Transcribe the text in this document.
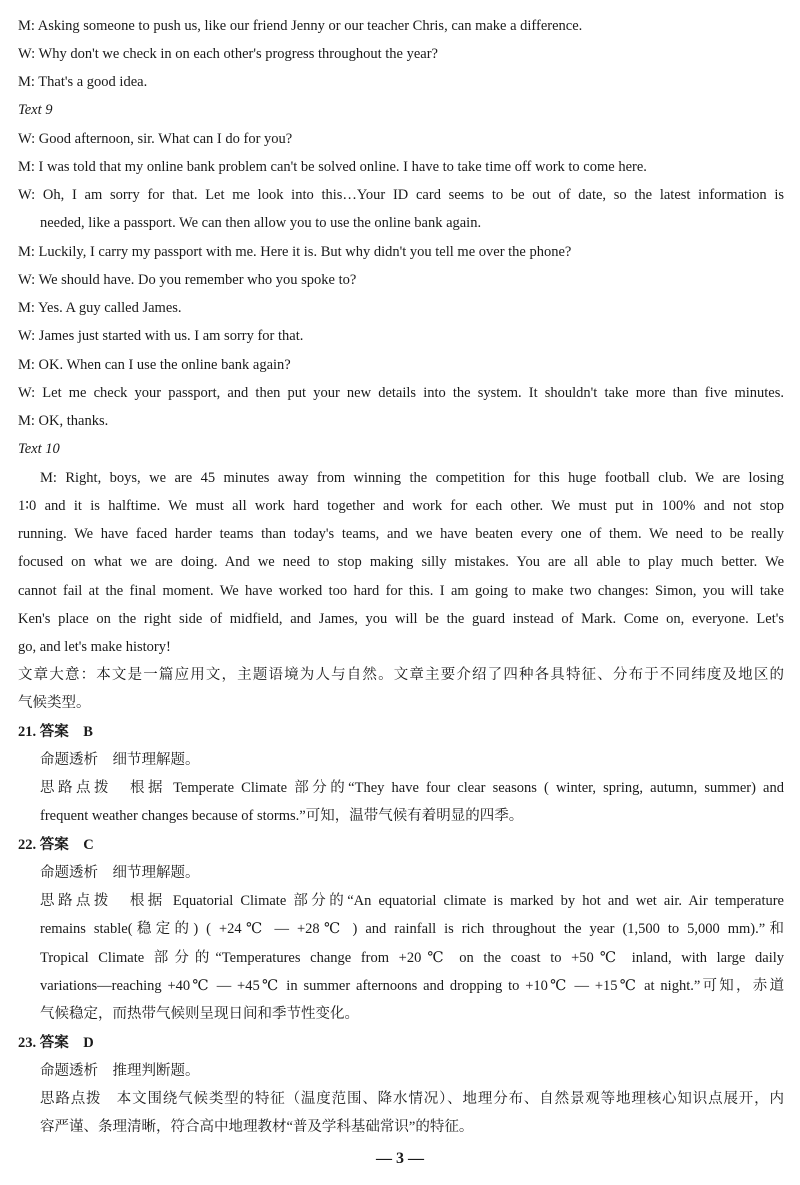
M: Asking someone to push us, like our friend Jenny or our teacher Chris, can make a difference.
W: Why don't we check in on each other's progress throughout the year?
M: That's a good idea.
Text 9
W: Good afternoon, sir. What can I do for you?
M: I was told that my online bank problem can't be solved online. I have to take time off work to come here.
W: Oh, I am sorry for that. Let me look into this…Your ID card seems to be out of date, so the latest information is
needed, like a passport. We can then allow you to use the online bank again.
M: Luckily, I carry my passport with me. Here it is. But why didn't you tell me over the phone?
W: We should have. Do you remember who you spoke to?
M: Yes. A guy called James.
W: James just started with us. I am sorry for that.
M: OK. When can I use the online bank again?
W: Let me check your passport, and then put your new details into the system. It shouldn't take more than five minutes.
M: OK, thanks.
Text 10
M: Right, boys, we are 45 minutes away from winning the competition for this huge football club. We are losing
1∶0 and it is halftime. We must all work hard together and work for each other. We must put in 100% and not stop
running. We have faced harder teams than today's teams, and we have beaten every one of them. We need to be really
focused on what we are doing. And we need to stop making silly mistakes. You are all able to play much better. We
cannot fail at the final moment. We have worked too hard for this. I am going to make two changes: Simon, you will take
Ken's place on the right side of midfield, and James, you will be the guard instead of Mark. Come on, everyone. Let's
go, and let's make history!
文章大意：本文是一篇应用文，主题语境为人与自然。文章主要介绍了四种各具特征、分布于不同纬度及地区的
气候类型。
21. 答案　B
命题透析　细节理解题。
思路点拨　根据 Temperate Climate 部分的“They have four clear seasons ( winter, spring, autumn, summer) and
frequent weather changes because of storms.”可知，温带气候有着明显的四季。
22. 答案　C
命题透析　细节理解题。
思路点拨　根据 Equatorial Climate 部分的“An equatorial climate is marked by hot and wet air. Air temperature
remains stable(稳定的) ( +24℃ — +28℃ ) and rainfall is rich throughout the year (1,500 to 5,000 mm).”和
Tropical Climate 部分的“Temperatures change from +20℃ on the coast to +50℃ inland, with large daily
variations—reaching +40℃ — +45℃ in summer afternoons and dropping to +10℃ — +15℃ at night.”可知，赤道
气候稳定，而热带气候则呈现日间和季节性变化。
23. 答案　D
命题透析　推理判断题。
思路点拨　本文围绕气候类型的特征（温度范围、降水情况）、地理分布、自然景观等地理核心知识点展开，内
容严谨、条理清晰，符合高中地理教材“普及学科基础常识”的特征。
— 3 —
